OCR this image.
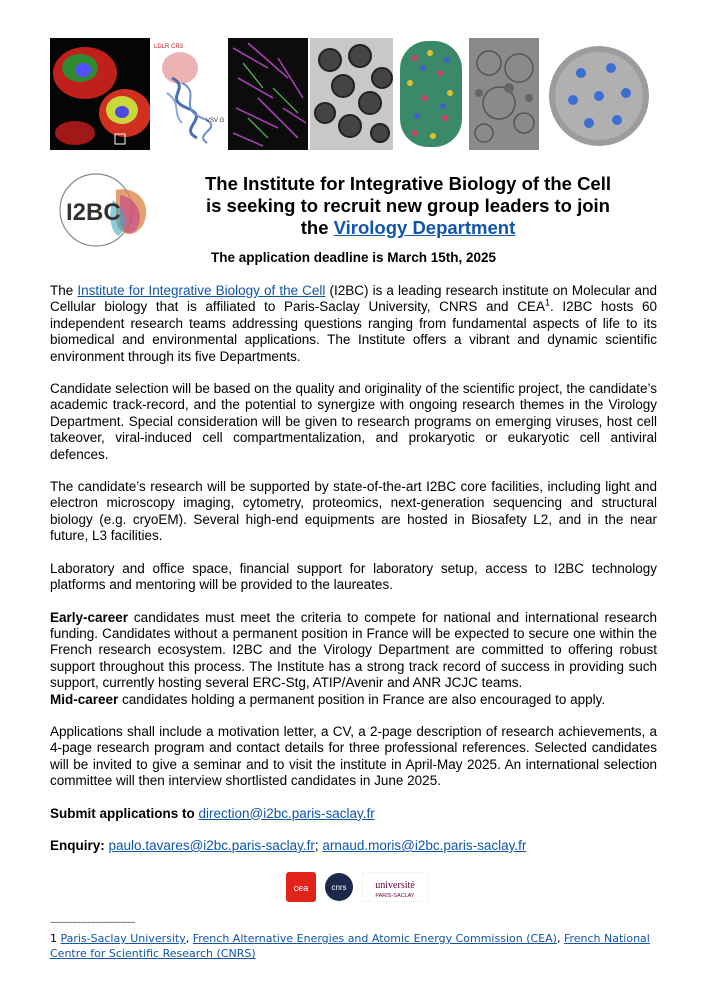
LDLR CR3
VSV G
I2BC
The Institute for Integrative Biology of the Cell
is seeking to recruit new group leaders to join
the Virology Department
The application deadline is March 15th, 2025

The Institute for Integrative Biology of the Cell (I2BC) is a leading research institute on Molecular and Cellular biology that is affiliated to Paris-Saclay University, CNRS and CEA$^1$. I2BC hosts 60 independent research teams addressing questions ranging from fundamental aspects of life to its biomedical and environmental applications. The Institute offers a vibrant and dynamic scientific environment through its five Departments.

Candidate selection will be based on the quality and originality of the scientific project, the candidate’s academic track-record, and the potential to synergize with ongoing research themes in the Virology Department. Special consideration will be given to research programs on emerging viruses, host cell takeover, viral-induced cell compartmentalization, and prokaryotic or eukaryotic cell antiviral defences.

The candidate’s research will be supported by state-of-the-art I2BC core facilities, including light and electron microscopy imaging, cytometry, proteomics, next-generation sequencing and structural biology (e.g. cryoEM). Several high-end equipments are hosted in Biosafety L2, and in the near future, L3 facilities.

Laboratory and office space, financial support for laboratory setup, access to I2BC technology platforms and mentoring will be provided to the laureates.

Early-career candidates must meet the criteria to compete for national and international research funding. Candidates without a permanent position in France will be expected to secure one within the French research ecosystem. I2BC and the Virology Department are committed to offering robust support throughout this process. The Institute has a strong track record of success in providing such support, currently hosting several ERC-Stg, ATIP/Avenir and ANR JCJC teams.
Mid-career candidates holding a permanent position in France are also encouraged to apply.

Applications shall include a motivation letter, a CV, a 2-page description of research achievements, a 4-page research program and contact details for three professional references. Selected candidates will be invited to give a seminar and to visit the institute in April-May 2025. An international selection committee will then interview shortlisted candidates in June 2025.

Submit applications to direction@i2bc.paris-saclay.fr

Enquiry: paulo.tavares@i2bc.paris-saclay.fr; arnaud.moris@i2bc.paris-saclay.fr

cea	cnrs	université
PARIS-SACLAY
----------------------------------
1 Paris-Saclay University, French Alternative Energies and Atomic Energy Commission (CEA), French National Centre for Scientific Research (CNRS)
